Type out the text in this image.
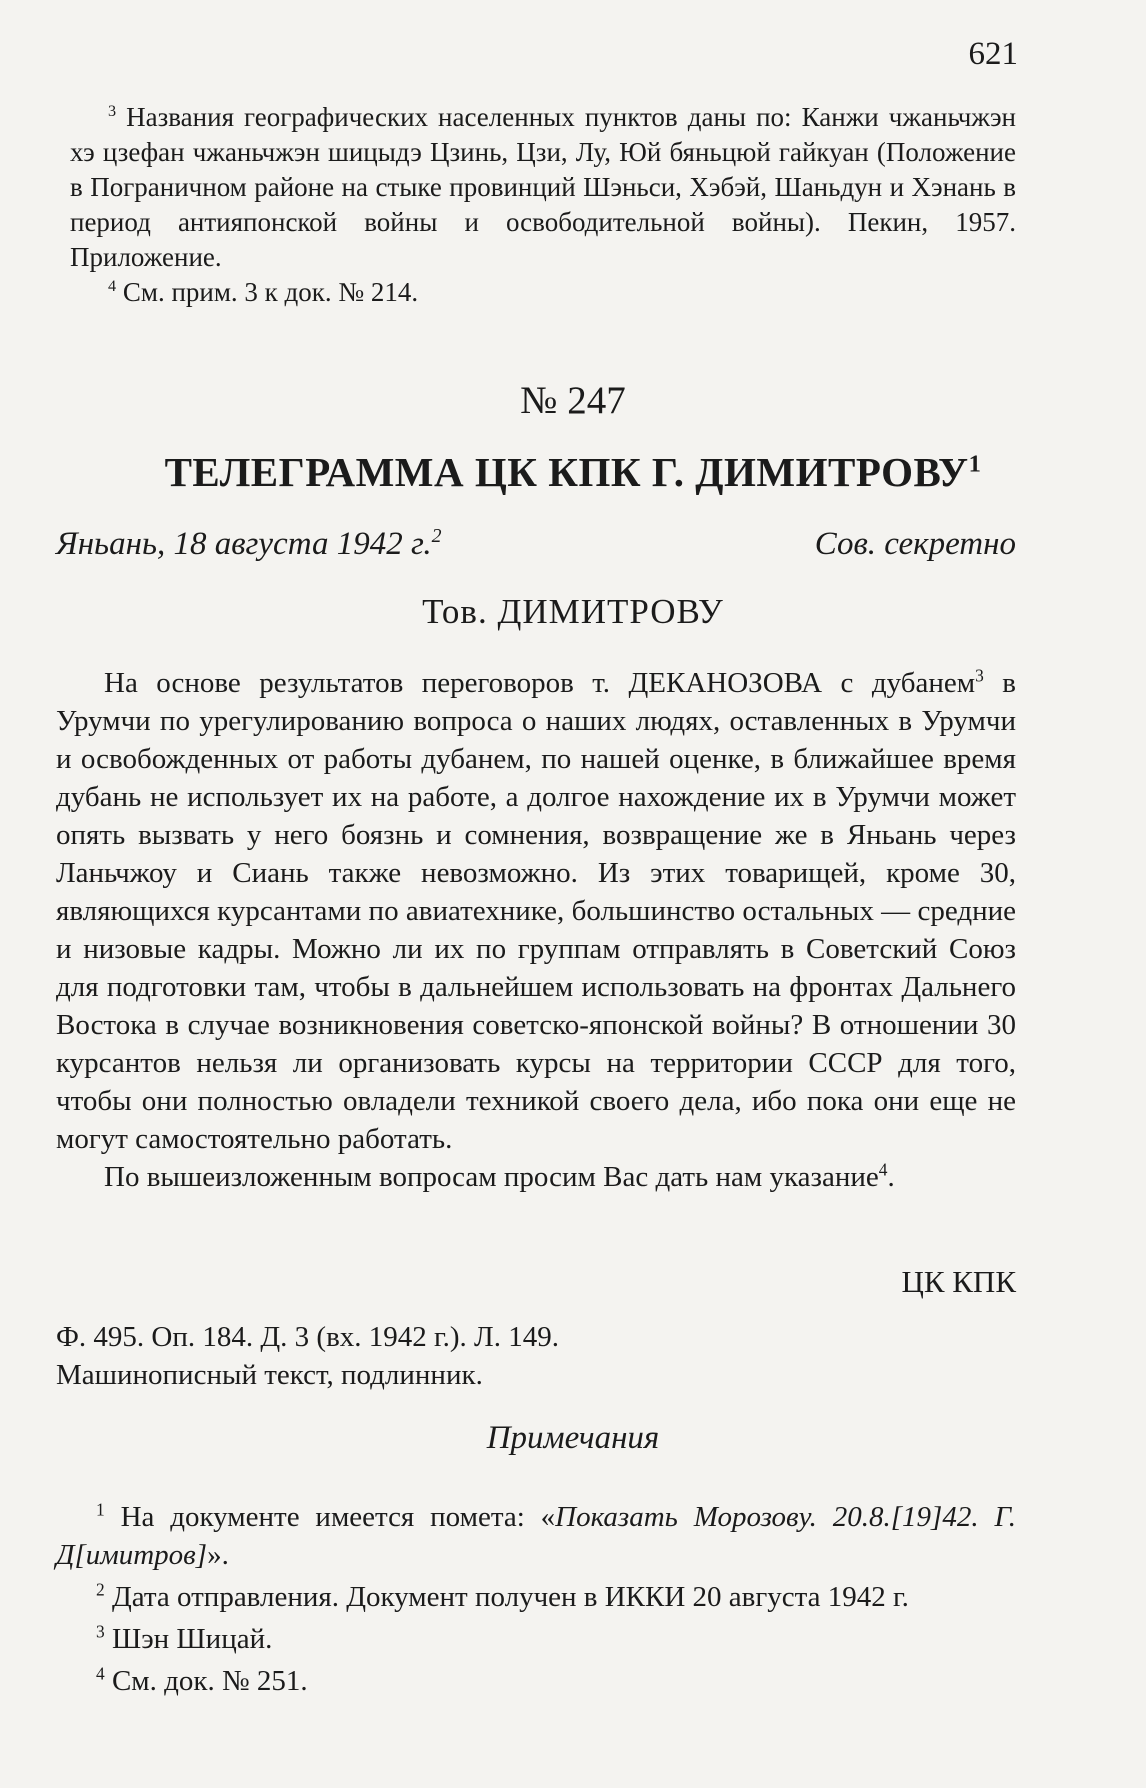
621

$^3$ Названия географических населенных пунктов даны по: Канжи чжаньчжэн хэ цзефан чжаньчжэн шицыдэ Цзинь, Цзи, Лу, Юй бяньцюй гайкуан (Положение в Пограничном районе на стыке провинций Шэньси, Хэбэй, Шаньдун и Хэнань в период антияпонской войны и освободительной войны). Пекин, 1957. Приложение.

$^4$ См. прим. 3 к док. № 214.

№ 247
ТЕЛЕГРАММА ЦК КПК Г. ДИМИТРОВУ$^1$
Яньань, 18 августа 1942 г.$^2$	Сов. секретно
Тов. ДИМИТРОВУ

На основе результатов переговоров т. ДЕКАНОЗОВА с дубанем$^3$ в Урумчи по урегулированию вопроса о наших людях, оставленных в Урумчи и освобожденных от работы дубанем, по нашей оценке, в ближайшее время дубань не использует их на работе, а долгое нахождение их в Урумчи может опять вызвать у него боязнь и сомнения, возвращение же в Яньань через Ланьчжоу и Сиань также невозможно. Из этих товарищей, кроме 30, являющихся курсантами по авиатехнике, большинство остальных — средние и низовые кадры. Можно ли их по группам отправлять в Советский Союз для подготовки там, чтобы в дальнейшем использовать на фронтах Дальнего Востока в случае возникновения советско-японской войны? В отношении 30 курсантов нельзя ли организовать курсы на территории СССР для того, чтобы они полностью овладели техникой своего дела, ибо пока они еще не могут самостоятельно работать.

По вышеизложенным вопросам просим Вас дать нам указание$^4$.

ЦК КПК
Ф. 495. Оп. 184. Д. 3 (вх. 1942 г.). Л. 149.
Машинописный текст, подлинник.
Примечания

$^1$ На документе имеется помета: «Показать Морозову. 20.8.[19]42. Г. Д[имитров]».

$^2$ Дата отправления. Документ получен в ИККИ 20 августа 1942 г.

$^3$ Шэн Шицай.

$^4$ См. док. № 251.
